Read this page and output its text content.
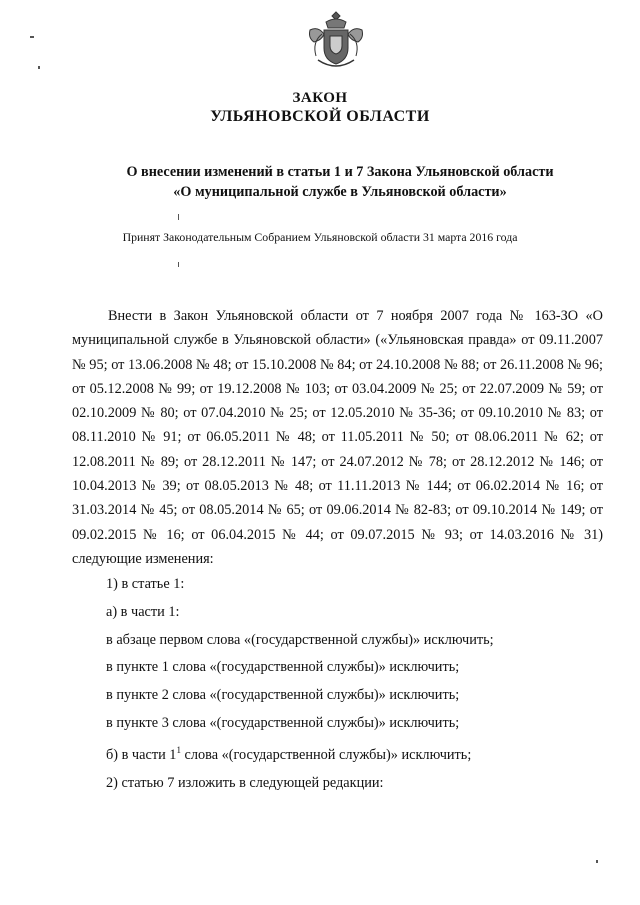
ЗАКОН
УЛЬЯНОВСКОЙ ОБЛАСТИ
О внесении изменений в статьи 1 и 7 Закона Ульяновской области
«О муниципальной службе в Ульяновской области»
Принят Законодательным Собранием Ульяновской области 31 марта 2016 года

Внести в Закон Ульяновской области от 7 ноября 2007 года № 163-ЗО «О муниципальной службе в Ульяновской области» («Ульяновская правда» от 09.11.2007 № 95; от 13.06.2008 № 48; от 15.10.2008 № 84; от 24.10.2008 № 88; от 26.11.2008 № 96; от 05.12.2008 № 99; от 19.12.2008 № 103; от 03.04.2009 № 25; от 22.07.2009 № 59; от 02.10.2009 № 80; от 07.04.2010 № 25; от 12.05.2010 № 35-36; от 09.10.2010 № 83; от 08.11.2010 № 91; от 06.05.2011 № 48; от 11.05.2011 № 50; от 08.06.2011 № 62; от 12.08.2011 № 89; от 28.12.2011 № 147; от 24.07.2012 № 78; от 28.12.2012 № 146; от 10.04.2013 № 39; от 08.05.2013 № 48; от 11.11.2013 № 144; от 06.02.2014 № 16; от 31.03.2014 № 45; от 08.05.2014 № 65; от 09.06.2014 № 82-83; от 09.10.2014 № 149; от 09.02.2015 № 16; от 06.04.2015 № 44; от 09.07.2015 № 93; от 14.03.2016 № 31) следующие изменения:

1) в статье 1:

а) в части 1:

в абзаце первом слова «(государственной службы)» исключить;

в пункте 1 слова «(государственной службы)» исключить;

в пункте 2 слова «(государственной службы)» исключить;

в пункте 3 слова «(государственной службы)» исключить;

б) в части $1^1$ слова «(государственной службы)» исключить;

2) статью 7 изложить в следующей редакции:
